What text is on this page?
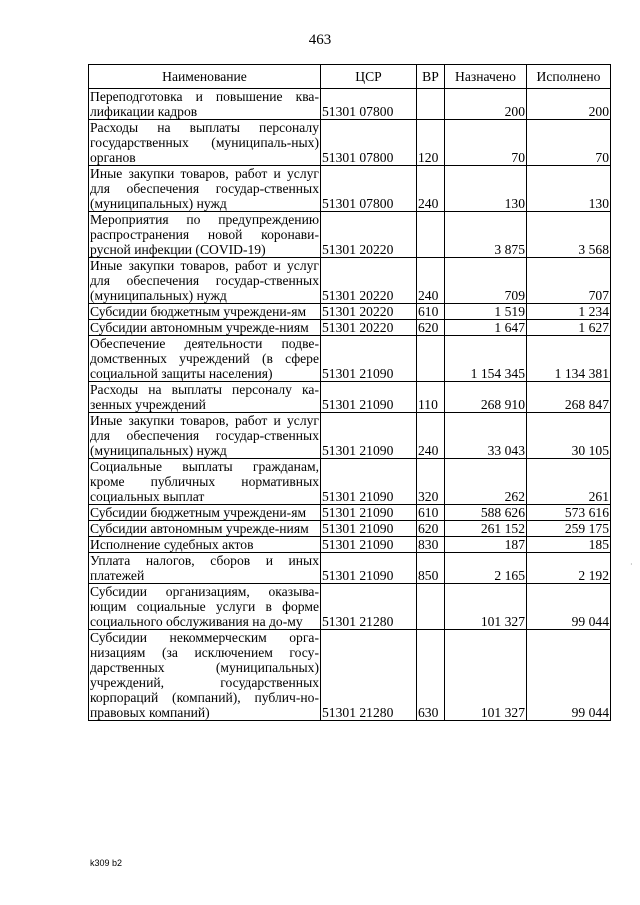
463
Наименование	ЦСР	ВР	Назначено	Исполнено
Переподготовка и повышение ква-лификации кадров	51301 07800		200	200
Расходы на выплаты персоналу государственных (муниципаль-ных) органов	51301 07800	120	70	70
Иные закупки товаров, работ и услуг для обеспечения государ-ственных (муниципальных) нужд	51301 07800	240	130	130
Мероприятия по предупреждению распространения новой коронави-русной инфекции (COVID-19)	51301 20220		3 875	3 568
Иные закупки товаров, работ и услуг для обеспечения государ-ственных (муниципальных) нужд	51301 20220	240	709	707
Субсидии бюджетным учреждени-ям	51301 20220	610	1 519	1 234
Субсидии автономным учрежде-ниям	51301 20220	620	1 647	1 627
Обеспечение деятельности подве-домственных учреждений (в сфере социальной защиты населения)	51301 21090		1 154 345	1 134 381
Расходы на выплаты персоналу ка-зенных учреждений	51301 21090	110	268 910	268 847
Иные закупки товаров, работ и услуг для обеспечения государ-ственных (муниципальных) нужд	51301 21090	240	33 043	30 105
Социальные выплаты гражданам, кроме публичных нормативных социальных выплат	51301 21090	320	262	261
Субсидии бюджетным учреждени-ям	51301 21090	610	588 626	573 616
Субсидии автономным учрежде-ниям	51301 21090	620	261 152	259 175
Исполнение судебных актов	51301 21090	830	187	185
Уплата налогов, сборов и иных платежей	51301 21090	850	2 165	2 192
Субсидии организациям, оказыва-ющим социальные услуги в форме социального обслуживания на до-му	51301 21280		101 327	99 044
Субсидии некоммерческим орга-низациям (за исключением госу-дарственных (муниципальных) учреждений, государственных корпораций (компаний), публич-но-правовых компаний)	51301 21280	630	101 327	99 044
k309 b2
·
